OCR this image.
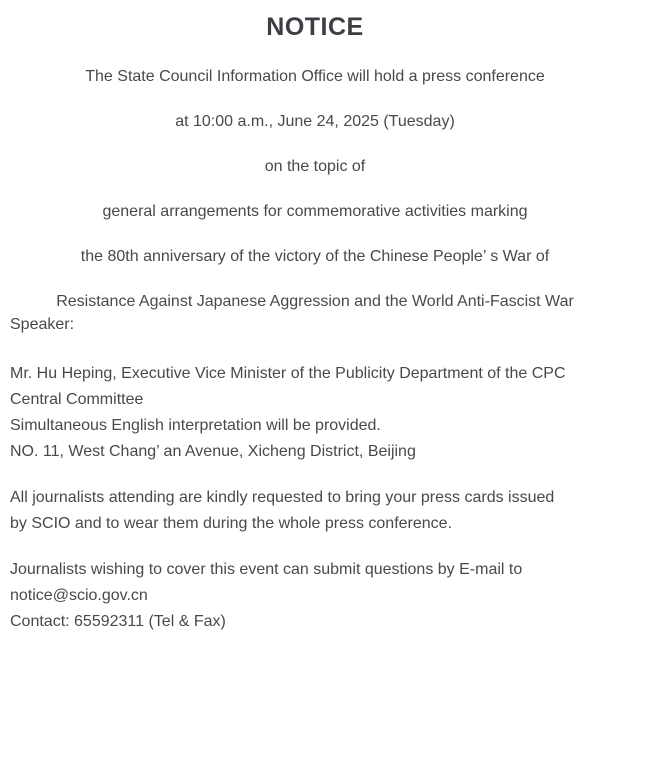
NOTICE

The State Council Information Office will hold a press conference

at 10:00 a.m., June 24, 2025 (Tuesday)

on the topic of

general arrangements for commemorative activities marking

the 80th anniversary of the victory of the Chinese People’ s War of

Resistance Against Japanese Aggression and the World Anti-Fascist War

Speaker:

Mr. Hu Heping, Executive Vice Minister of the Publicity Department of the CPC

Central Committee

Simultaneous English interpretation will be provided.

NO. 11, West Chang’ an Avenue, Xicheng District, Beijing

All journalists attending are kindly requested to bring your press cards issued

by SCIO and to wear them during the whole press conference.

Journalists wishing to cover this event can submit questions by E-mail to

notice@scio.gov.cn

Contact: 65592311 (Tel & Fax)
